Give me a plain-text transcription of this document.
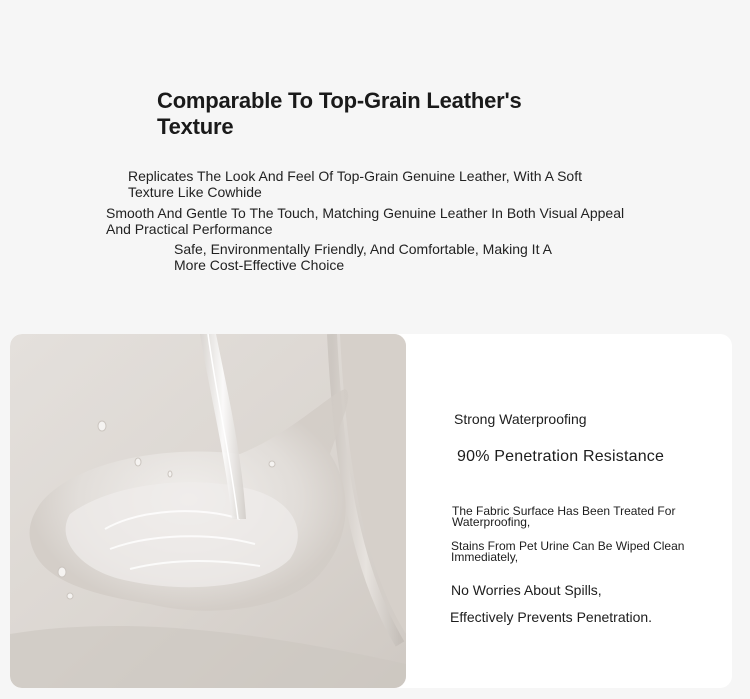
Comparable To Top-Grain Leather's Texture
Replicates The Look And Feel Of Top-Grain Genuine Leather, With A Soft Texture Like Cowhide
Smooth And Gentle To The Touch, Matching Genuine Leather In Both Visual Appeal And Practical Performance
Safe, Environmentally Friendly, And Comfortable, Making It A More Cost-Effective Choice
Strong Waterproofing
90% Penetration Resistance
The Fabric Surface Has Been Treated For Waterproofing,
Stains From Pet Urine Can Be Wiped Clean Immediately,
No Worries About Spills,
Effectively Prevents Penetration.
